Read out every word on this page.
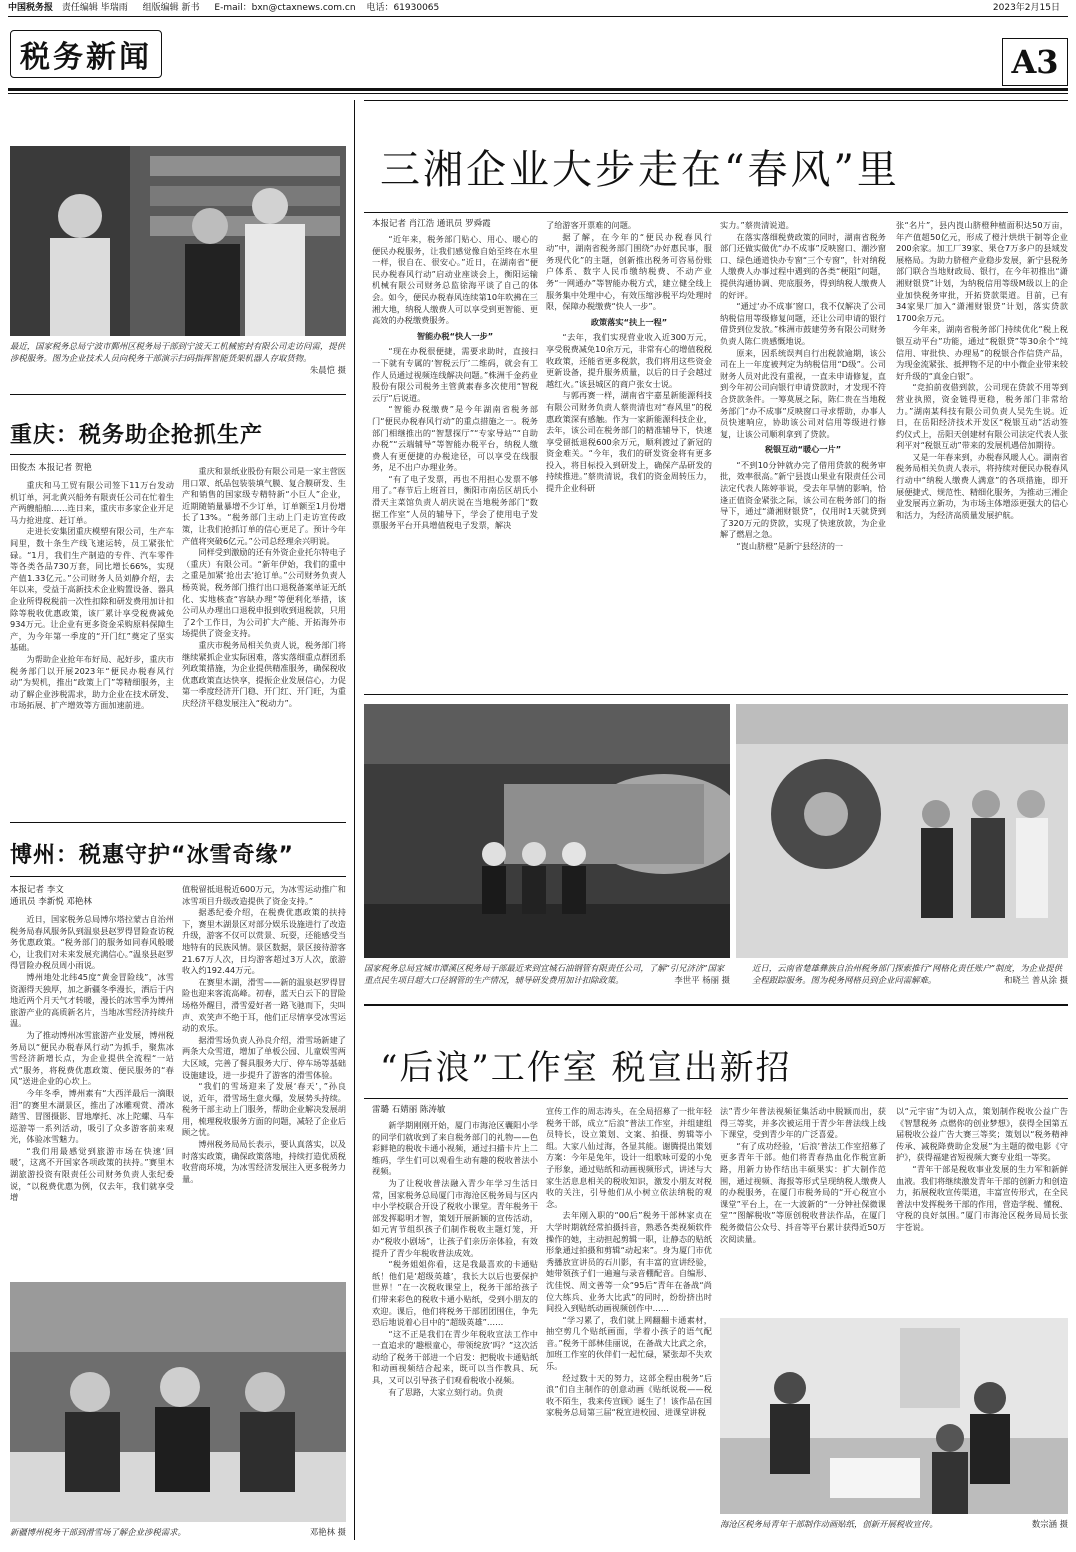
中国税务报 责任编辑 毕瑞雨 组版编辑 新书 E-mail：bxn@ctaxnews.com.cn 电话：61930065	2023年2月15日
税务新闻	A3
最近，国家税务总局宁波市鄞州区税务局干部到宁波天工机械密封有限公司走访问需，提供涉税服务。图为企业技术人员向税务干部演示扫码指挥智能货架机器人存取货物。
朱晨恺 摄
重庆：税务助企抢抓生产
田俊杰 本报记者 贺艳

重庆和马工贸有限公司签下11万台发动机订单，河北黄兴船务有限责任公司在忙着生产两艘船舶……连日来，重庆市多家企业开足马力抢进度、赶订单。

走进长安集团重庆模塑有限公司，生产车间里，数十条生产线飞速运转，员工紧张忙碌。“1月，我们生产制造的专件、汽车零件等各类各品730万套，同比增长66%，实现产值1.33亿元。”公司财务人员刘静介绍，去年以来，受益于高新技术企业购置设备、器具企业所得税税前一次性扣除和研发费用加计扣除等税收优惠政策，该厂累计享受税费减免934万元。让企业有更多资金采购原料保障生产，为今年第一季度的“开门红”奠定了坚实基础。

为帮助企业抢年布好局、起好步，重庆市税务部门以开展2023年“便民办税春风行动”为契机，推出“政策上门”等精细服务，主动了解企业涉税需求，助力企业在技术研发、市场拓展、扩产增效等方面加速前进。

重庆和景纸业股份有限公司是一家主营医用口罩、纸品包装装填气膜、复合膜研发、生产和销售的国家级专精特新“小巨人”企业，近期随销量暴增不少订单，订单额至1月份增长了13%。“税务部门主动上门走访宣传政策，让我们抢抓订单的信心更足了。预计今年产值将突破6亿元。”公司总经理余兴明说。

同样受到激励的还有外资企业托尔特电子（重庆）有限公司。“新年伊始，我们的重中之重是加紧‘抢出去’抢订单。”公司财务负责人杨英说，税务部门推行出口退税备案单证无纸化、实地核查“容缺办理”等便利化举措，该公司从办理出口退税申报到收到退税款，只用了2个工作日，为公司扩大产能、开拓海外市场提供了资金支持。

重庆市税务局相关负责人说，税务部门将继续紧抓企业实际困难，落实落细重点群团系列政策措施，为企业提供精准服务，确保税收优惠政策直达快享，提振企业发展信心，力促第一季度经济开门稳、开门红、开门旺，为重庆经济平稳发展注入“税动力”。

博州：税惠守护“冰雪奇缘”
本报记者 李文
通讯员 李新悦 邓艳林

近日，国家税务总局博尔塔拉蒙古自治州税务局春风服务队到温泉县赵罗得冒险查访税务优惠政策。“税务部门的服务如同春风般暖心，让我们对未来发展充满信心。”温泉县赵罗得冒险办税员周小雨说。

博州地处北纬45度“黄金冒险线”，冰雪资源得天独厚，加之新疆冬季漫长，洒后于内地近两个月天气才转暖，漫长的冰雪季为博州旅游产业的高质新名片，当地冰雪经济持续升温。

为了推动博州冰雪旅游产业发展，博州税务局以“便民办税春风行动”为抓手，聚焦冰雪经济新增长点，为企业提供全流程“一站式”服务，将税费优惠政策、便民服务的“春风”送进企业的心坎上。

今年冬季，博州素有“大西洋最后一滴眼泪”的赛里木湖景区，推出了冰雕观赏、滑冰踏雪、冒图摄影、冒地摩托、冰上陀螺、马车巡游等一系列活动，吸引了众多游客前来观光，体验冰雪魅力。

“我们用最感觉到旅游市场在快速‘回暖’，这离不开国家各项政策的扶持。”赛里木湖旅游投资有限责任公司财务负责人张纪委说，“以税费优惠为例，仅去年，我们就享受增

值税留抵退税近600万元，为冰雪运动推广和冰雪项目升级改造提供了资金支持。”

据悉纪委介绍，在税费优惠政策的扶持下，赛里木湖景区对部分娱乐设施进行了改造升级，游客不仅可以赏景、玩耍，还能感受当地特有的民族风情。景区数据，景区接待游客21.67万人次，日均游客超过3万人次，旅游收入约192.44万元。

在赛里木湖，滑雪——新的温泉赵罗得冒险也迎来客流高峰。初春，蓝天白云下的冒险场格外醒目，滑雪爱好者一路飞驰而下，尖叫声、欢笑声不绝于耳，他们正尽情享受冰雪运动的欢乐。

据滑雪场负责人孙良介绍，滑雪场新建了两条大众雪道，增加了单板公园、儿童娱雪两大区域，完善了餐具服务大厅、停车场等基础设施建设，进一步提升了游客的滑雪体验。

“我们的雪场迎来了发展‘春天’，”孙良说，近年，滑雪场生意火爆，发展势头持续。税务干部主动上门服务，帮助企业解决发展胡用，梳理税收服务方面的问题，减轻了企业后顾之忧。

博州税务局局长表示，要认真落实，以及时落实政策，确保政策落地，持续打造优质税收营商环境，为冰雪经济发展注入更多税务力量。

新疆博州税务干部到滑雪场了解企业涉税需求。	邓艳林 摄
三湘企业大步走在“春风”里
本报记者 肖江浩 通讯员 罗舜霞

“近年来，税务部门贴心、用心、暖心的便民办税服务，让我们感觉像自始至终在水里一样，很自在、很安心。”近日，在湖南省“便民办税春风行动”启动业座谈会上，衡阳运输机械有限公司财务总监徐海平谈了自己的体会。如今，便民办税春风连续第10年吹拂在三湘大地，纳税人缴费人可以享受到更智能、更高效的办税缴费服务。

智能办税“快人一步”

“现在办税很便捷，需要求助时，直接扫一下就有专属的‘智税云厅’二维码，就会有工作人员通过视频连线解决问题。”株洲千金药业股份有限公司税务主管黄素春多次使用“智税云厅”后说道。

“智能办税缴费”是今年湖南省税务部门“便民办税春风行动”的重点措施之一。税务部门相继推出的“智慧探厅”“专家导站”“自助办税”“云端辅导”等智能办税平台，纳税人缴费人有更便捷的办税途径，可以享受在线服务，足不出户办理业务。

“有了电子发票，再也不用担心发票不够用了。”春节后上班首日，衡阳市南岳区胡氏小滑天主菜馆负责人胡庆说在当地税务部门“数据工作室”人员的辅导下，学会了使用电子发票服务平台开具增值税电子发票，解决

了给游客开票难的问题。

据了解，在今年的“便民办税春风行动”中，湖南省税务部门围绕“办好惠民事，服务现代化”的主题，创新推出税务可咨易份账户体系、数字人民币缴纳税费、不动产业务“一网通办”等智能办税方式，建立健全线上服务集中处理中心，有效压缩涉税平均处理时限，保障办税缴费“快人一步”。

政策落实“扶上一程”

“去年，我们实现营业收入近300万元，享受税费减免10余万元，非常有心的增值税税收政策，还能省更多税款，我们将用这些资金更新设备，提升服务质量，以后的日子会越过越红火。”该县城区的商户张女士说。

与郭再赛一样，湖南省宇嘉星新能源科技有限公司财务负责人蔡贵清也对“春风里”的税惠政策深有感触。作为一家新能源科技企业，去年，该公司在税务部门的精准辅导下，快速享受留抵退税600余万元，顺利渡过了新冠的资金难关。“今年，我们的研发资金将有更多投入，将目标投入到研发上，确保产品研发的持续推进。”蔡贵清说，我们的资金周转压力，提升企业科研

实力。”蔡贵清说道。

在落实落细税费政策的同时，湖南省税务部门还做实做优“办不成事”反映窗口、潮沙窗口、绿色通道快办专窗“三个专窗”，针对纳税人缴费人办事过程中遇到的各类“梗阻”问题，提供沟通协调、兜底服务，得到纳税人缴费人的好评。

“通过‘办不成事’窗口，我不仅解决了公司纳税信用等级修复问题，还让公司申请的银行借贷到位发放。”株洲市鼓建劳务有限公司财务负责人陈仁贵感慨地说。

原来，因系统误判自行出税款逾期，该公司在上一年度被判定为纳税信用“D级”。公司财务人员对此没有重视，一直未申请修复，直到今年初公司向银行申请贷款时，才发现不符合贷款条件。一筹莫展之际，陈仁贵在当地税务部门“办不成事”反映窗口寻求帮助，办事人员快速响应，协助该公司对信用等级进行修复，让该公司顺利拿到了贷款。

税银互动“暖心一片”

“不到10分钟就办完了借用贷款的税务审批，效率很高。”新宁县崀山果业有限责任公司法定代表人陈婷菲说，受去年旱情的影响，恰逢正值资金紧张之际，该公司在税务部门的指导下，通过“潇湘财银贷”，仅用时1天就贷到了320万元的贷款，实现了快速放款，为企业解了燃眉之急。

“崀山脐橙”是新宁县经济的一

张“名片”，县内崀山脐橙种植面积达50万亩，年产值超50亿元，形成了橙汁烘烘干制等企业200余家。加工厂39家、果仓7万多户的县域发展格局。为助力脐橙产业稳步发展，新宁县税务部门联合当地财政局、银行，在今年初推出“潇湘财银贷”计划，为纳税信用等级M级以上的企业加快税务审批，开拓贷款渠道。目前，已有34家果厂加入“潇湘财银贷”计划，落实贷款1700余万元。

今年来，湖南省税务部门持续优化“税上税银互动平台”功能，通过“税银贷”等30余个“纯信用、审批快、办理易”的税银合作信贷产品，为现金流紧张、抵押物不足的中小微企业带来较好升级的“真金白银”。

“竞拍前夜借到款，公司现在贷款不用等到营业执照，资金链得更稳，税务部门非常给力。”湖南某科技有限公司负责人吴先生说。近日，在岳阳经济技术开发区“税银互动”活动签约仪式上，岳阳天创建材有限公司法定代表人张利平对“税银互动”带来的发展机遇倍加期待。

又是一年春来到，办税春风暖人心。湖南省税务局相关负责人表示，将持续对便民办税春风行动中“纳税人缴费人满意”的各项措施，即开展便捷式、规范性、精细化服务，为推动三湘企业发展再立新功，为市场主体增添更强大的信心和活力，为经济高质量发展护航。

国家税务总局宜城市潭溪区税务局干部最近来到宜城石油钢管有限责任公司，了解“引兄济济”国家重点民生项目超大口径钢管的生产情况，辅导研发费用加计扣除政策。	李世平 杨丽 摄
近日，云南省楚雄彝族自治州税务部门探索推行“网格化责任账户”制度，为企业提供全程跟踪服务。图为税务网格员到企业问需解难。	和晓兰 普从涂 摄
“后浪”工作室 税宣出新招
雷璐 石婧丽 陈涛敏

新学期刚刚开始，厦门市海沧区囊阳小学的同学们就收到了来自税务部门的礼物——色彩鲜艳的税收卡通小视频，通过扫描卡片上二维码，学生们可以观看生动有趣的税收普法小视频。

为了让税收普法融入青少年学习生活日常，国家税务总局厦门市海沧区税务局与区内中小学校联合开设了税收小课堂。青年税务干部发挥聪明才智，策划开展新颖的宣传活动，如元宵节组织孩子们制作税收主题灯笼，开办“税收小剧场”，让孩子们亲历亲体验，有效提升了青少年税收普法成效。

“税务姐姐你看，这是我最喜欢的卡通贴纸！他们是‘超级英雄’，我长大以后也要保护世界！”在一次税收课堂上，税务干部给孩子们带来彩色的税收卡通小贴纸，受到小朋友的欢迎。课后，他们将税务干部团团围住，争先恐后地说着心目中的“超级英雄”……

“这不正是我们在青少年税收宣法工作中一直追求的‘趣根童心，带领绽放’吗？”这次活动给了税务干部进一个启发：把税收卡通贴纸和动画视频结合起来，既可以当作教具、玩具，又可以引导孩子们观看税收小视频。

有了思路，大家立刻行动。负责

宣传工作的周志涛头，在全局招募了一批年轻税务干部，成立“后浪”普法工作室，并组建组员特长，设立策划、文案、拍摄、剪辑等小组。大家八仙过海，各显其能。谢腾提出策划方案：今年是兔年，设计一组歌咏可爱的小兔子形象，通过贴纸和动画视频形式，讲述与大家生活息息相关的税收知识，激发小朋友对税收的关注，引导他们从小树立依法纳税的观念。

去年刚入职的“00后”税务干部林家贞在大学时期就经常拍摄抖音，熟悉各类视频软件操作的她，主动担起剪辑一职，让静态的贴纸形象通过拍摄和剪辑“动起来”。身为厦门市优秀播放宣讲员的石川影，有丰富的宣讲经验，她带领孩子们一遍遍与录音棚配音。自编形、沈佳悦、周文善等一众“95后”青年在备战“尚位大练兵、业务大比武”的同时，纷纷挤出时间投入到贴纸动画视频创作中……

“学习累了，我们就上网翻翻卡通素材，抽空剪几个贴纸画面，学着小孩子的语气配音。”税务干部林佳丽说，在备战大比武之余，加班工作室的伙伴们一起忙碌，紧张却不失欢乐。

经过数十天的努力，这部全程由税务“后浪”们自主制作的创意动画《贴纸说税——税收不陌生，我来传宣顾》诞生了！该作品在国家税务总局第三届“税宣进校园、进课堂讲税

法”青少年普法视频征集活动中脱颖而出，获得三等奖，并多次被运用于青少年普法线上线下课堂，受到青少年的广泛喜爱。

“有了成功经验，‘后浪’普法工作室招募了更多青年干部。他们将青春热血化作税宣新路，用新力协作结出丰硕果实：扩大制作范围，通过视频、海报等形式呈现纳税人缴费人的办税服务，在厦门市税务局的“开心税宣小课堂”平台上，在一大波新的“一分钟社保微课堂”“图解税收”等原创税收普法作品，在厦门税务微信公众号、抖音等平台累计获得近50万次阅读量。

以“元宇宙”为切入点，策划制作税收公益广告《智慧税务 点燃你的创业梦想》，获得全国第五届税收公益广告大赛三等奖；策划以“税务精神传承、减税降费助企发展”为主题的微电影《守护》，获得福建省短视频大赛专业组一等奖。

“青年干部是税收事业发展的生力军和新鲜血液。我们将继续激发青年干部的创新力和创造力，拓展税收宣传渠道，丰富宣传形式，在全民普法中发挥税务干部的作用，营造学税、懂税、守税的良好氛围。”厦门市海沧区税务局局长张宇苍说。

海沧区税务局青年干部制作动画贴纸，创新开展税收宣传。	数宗涵 摄
